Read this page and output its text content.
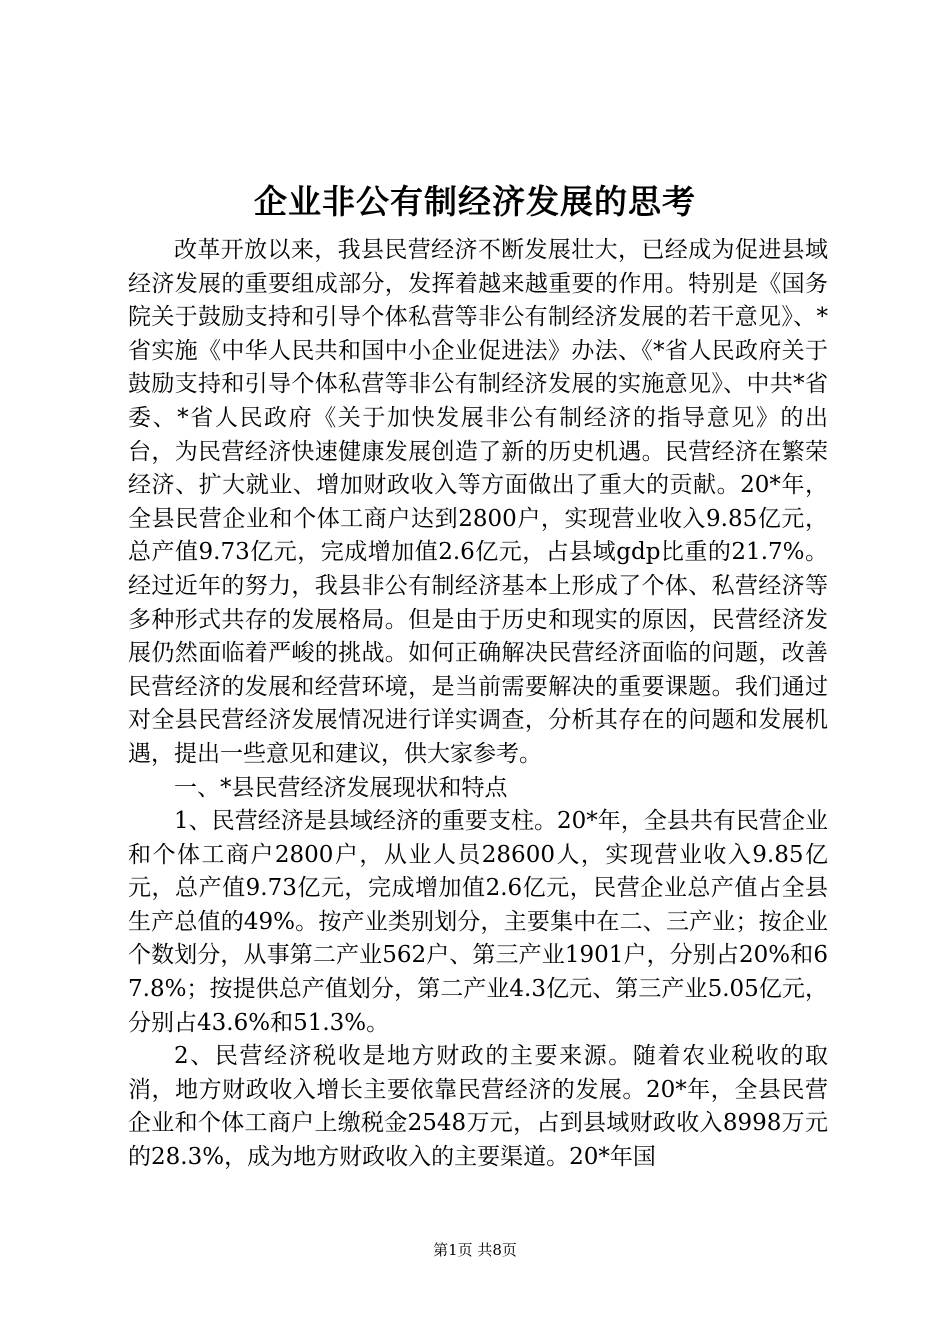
企业非公有制经济发展的思考

改革开放以来，我县民营经济不断发展壮大，已经成为促进县域经济发展的重要组成部分，发挥着越来越重要的作用。特别是《国务院关于鼓励支持和引导个体私营等非公有制经济发展的若干意见》、*省实施《中华人民共和国中小企业促进法》办法、《*省人民政府关于鼓励支持和引导个体私营等非公有制经济发展的实施意见》、中共*省委、*省人民政府《关于加快发展非公有制经济的指导意见》的出台，为民营经济快速健康发展创造了新的历史机遇。民营经济在繁荣经济、扩大就业、增加财政收入等方面做出了重大的贡献。20*年，全县民营企业和个体工商户达到2800户，实现营业收入9.85亿元，总产值9.73亿元，完成增加值2.6亿元，占县域gdp比重的21.7%。经过近年的努力，我县非公有制经济基本上形成了个体、私营经济等多种形式共存的发展格局。但是由于历史和现实的原因，民营经济发展仍然面临着严峻的挑战。如何正确解决民营经济面临的问题，改善民营经济的发展和经营环境，是当前需要解决的重要课题。我们通过对全县民营经济发展情况进行详实调查，分析其存在的问题和发展机遇，提出一些意见和建议，供大家参考。

一、*县民营经济发展现状和特点

1、民营经济是县域经济的重要支柱。20*年，全县共有民营企业和个体工商户2800户，从业人员28600人，实现营业收入9.85亿元，总产值9.73亿元，完成增加值2.6亿元，民营企业总产值占全县生产总值的49%。按产业类别划分，主要集中在二、三产业；按企业个数划分，从事第二产业562户、第三产业1901户，分别占20%和67.8%；按提供总产值划分，第二产业4.3亿元、第三产业5.05亿元，分别占43.6%和51.3%。

2、民营经济税收是地方财政的主要来源。随着农业税收的取消，地方财政收入增长主要依靠民营经济的发展。20*年，全县民营企业和个体工商户上缴税金2548万元，占到县域财政收入8998万元的28.3%，成为地方财政收入的主要渠道。20*年国

第1页 共8页
